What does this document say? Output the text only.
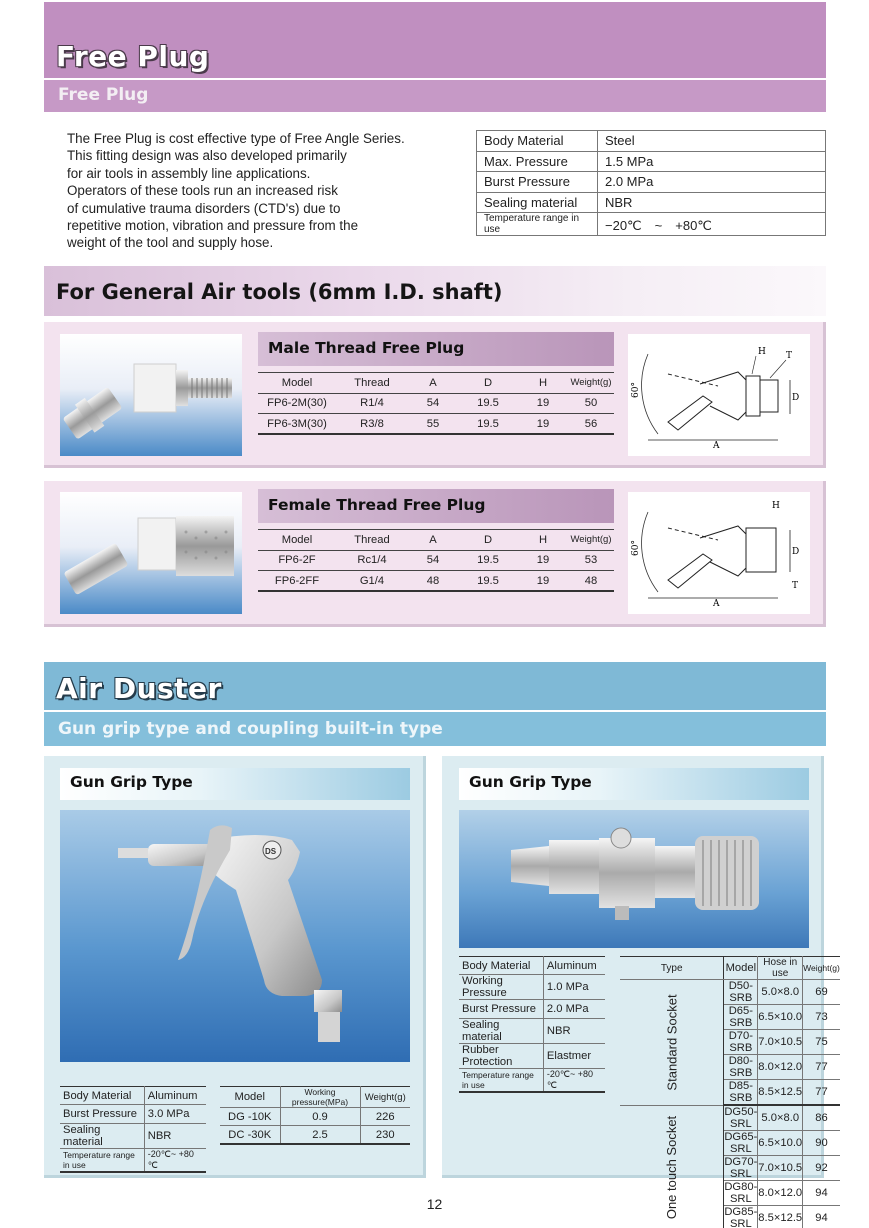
Free Plug
Free Plug
The Free Plug is cost effective type of Free Angle Series.
This fitting design was also developed primarily
for air tools in assembly line applications.
Operators of these tools run an increased risk
of cumulative trauma disorders (CTD's) due to
repetitive motion, vibration and pressure from the
weight of the tool and supply hose.
Body Material	Steel
Max. Pressure	1.5 MPa
Burst Pressure	2.0 MPa
Sealing material	NBR
Temperature range in use	−20℃　~　+80℃
For General Air tools (6mm I.D. shaft)
Male Thread Free Plug
Model	Thread	A	D	H	Weight(g)
FP6-2M(30)	R1/4	54	19.5	19	50
FP6-3M(30)	R3/8	55	19.5	19	56
60°
A
D
H T
Female Thread Free Plug
Model	Thread	A	D	H	Weight(g)
FP6-2F	Rc1/4	54	19.5	19	53
FP6-2FF	G1/4	48	19.5	19	48
60°
A
D
H
T
Air Duster
Gun grip type and coupling built-in type
Gun Grip Type
DS
Body Material	Aluminum
Burst Pressure	3.0 MPa
Sealing material	NBR
Temperature range in use	-20℃~ +80 ℃
Model	Working pressure(MPa)	Weight(g)
DG -10K	0.9	226
DC -30K	2.5	230
Gun Grip Type
Body Material	Aluminum
Working Pressure	1.0 MPa
Burst Pressure	2.0 MPa
Sealing material	NBR
Rubber Protection	Elastmer
Temperature range in use	-20℃~ +80 ℃
Type	Model	Hose in use	Weight(g)
Standard Socket	D50-SRB	5.0×8.0	69
	D65-SRB	6.5×10.0	73
	D70-SRB	7.0×10.5	75
	D80-SRB	8.0×12.0	77
	D85-SRB	8.5×12.5	77
One touch Socket	DG50-SRL	5.0×8.0	86
	DG65-SRL	6.5×10.0	90
	DG70-SRL	7.0×10.5	92
	DG80-SRL	8.0×12.0	94
	DG85-SRL	8.5×12.5	94
12
